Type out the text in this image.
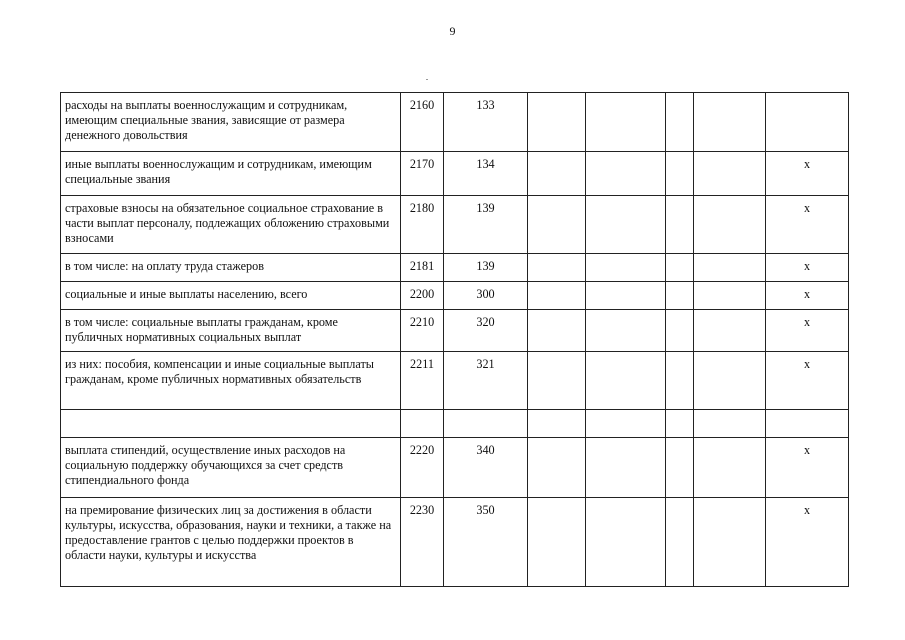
9
расходы на выплаты военнослужащим и сотрудникам, имеющим специальные звания, зависящие от размера денежного довольствия	2160	133					
иные выплаты военнослужащим и сотрудникам, имеющим специальные звания	2170	134					x
страховые взносы на обязательное социальное страхование в части выплат персоналу, подлежащих обложению страховыми взносами	2180	139					x
в том числе: на оплату труда стажеров	2181	139					x
социальные и иные выплаты населению, всего	2200	300					x
в том числе: социальные выплаты гражданам, кроме публичных нормативных социальных выплат	2210	320					x
из них: пособия, компенсации и иные социальные выплаты гражданам, кроме публичных нормативных обязательств	2211	321					x

выплата стипендий, осуществление иных расходов на социальную поддержку обучающихся за счет средств стипендиального фонда	2220	340					x
на премирование физических лиц за достижения в области культуры, искусства, образования, науки и техники, а также на предоставление грантов с целью поддержки проектов в области науки, культуры и искусства	2230	350					x
